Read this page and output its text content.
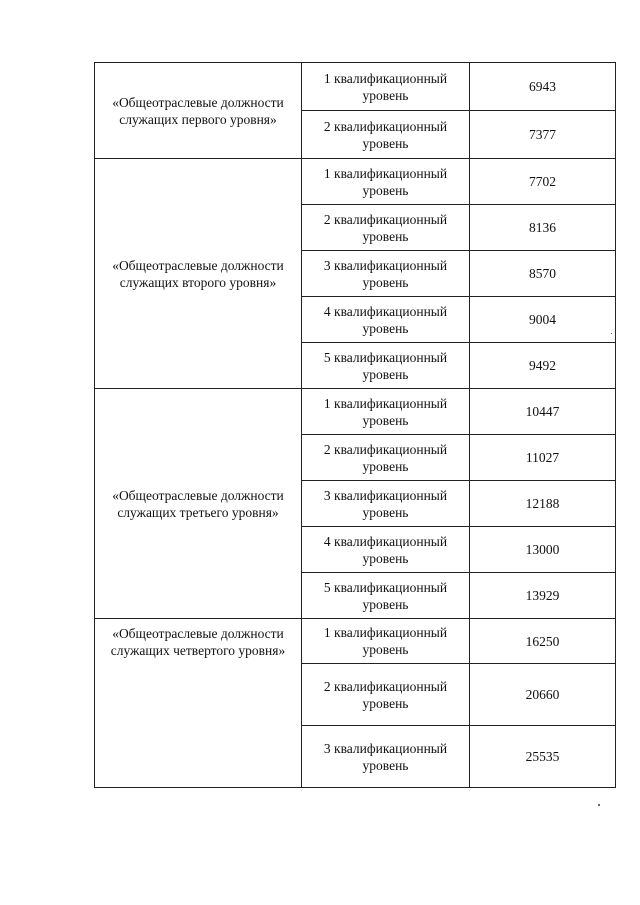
«Общеотраслевые должности служащих первого уровня»	1 квалификационный уровень	6943
	2 квалификационный уровень	7377
«Общеотраслевые должности служащих второго уровня»	1 квалификационный уровень	7702
	2 квалификационный уровень	8136
	3 квалификационный уровень	8570
	4 квалификационный уровень	9004
	5 квалификационный уровень	9492
«Общеотраслевые должности служащих третьего уровня»	1 квалификационный уровень	10447
	2 квалификационный уровень	11027
	3 квалификационный уровень	12188
	4 квалификационный уровень	13000
	5 квалификационный уровень	13929
«Общеотраслевые должности служащих четвертого уровня»	1 квалификационный уровень	16250
	2 квалификационный уровень	20660
	3 квалификационный уровень	25535
